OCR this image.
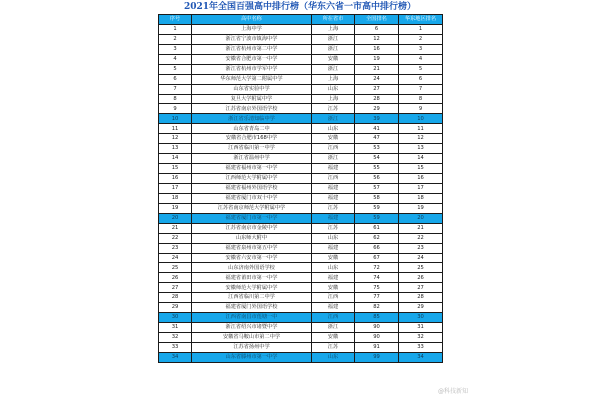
2021年全国百强高中排行榜（华东六省一市高中排行榜）
序号	高中名称	所在省市	全国排名	华东地区排名
1	上海中学	上海	6	1
2	浙江省宁波市镇海中学	浙江	12	2
3	浙江省杭州市第二中学	浙江	16	3
4	安徽省合肥市第一中学	安徽	19	4
5	浙江省杭州市学军中学	浙江	21	5
6	华东师范大学第二附属中学	上海	24	6
7	山东省实验中学	山东	27	7
8	复旦大学附属中学	上海	28	8
9	江苏省南京外国语学校	江苏	29	9
10	浙江省乐清知临中学	浙江	39	10
11	山东省青岛二中	山东	41	11
12	安徽省合肥市168中学	安徽	47	12
13	江西省临川第一中学	江西	53	13
14	浙江省温州中学	浙江	54	14
15	福建省福州市第一中学	福建	55	15
16	江西师范大学附属中学	江西	56	16
17	福建省福州外国语学校	福建	57	17
18	福建省厦门市双十中学	福建	58	18
19	江苏省南京师范大学附属中学	江苏	59	19
20	福建省厦门市第一中学	福建	59	20
21	江苏省南京市金陵中学	江苏	61	21
22	山东师大附中	山东	62	22
23	福建省泉州市第五中学	福建	66	23
24	安徽省六安市第一中学	安徽	67	24
25	山东济南外国语学校	山东	72	25
26	福建省莆田市第一中学	福建	74	26
27	安徽师范大学附属中学	安徽	75	27
28	江西省临川第二中学	江西	77	28
29	福建省厦门外国语学校	福建	82	29
30	江西省南昌市莲塘一中	江西	85	30
31	浙江省绍兴市诸暨中学	浙江	90	31
32	安徽省马鞍山市第二中学	安徽	90	32
33	江苏省扬州中学	江苏	91	33
34	山东省滕州市第一中学	山东	99	34
@科技新知
